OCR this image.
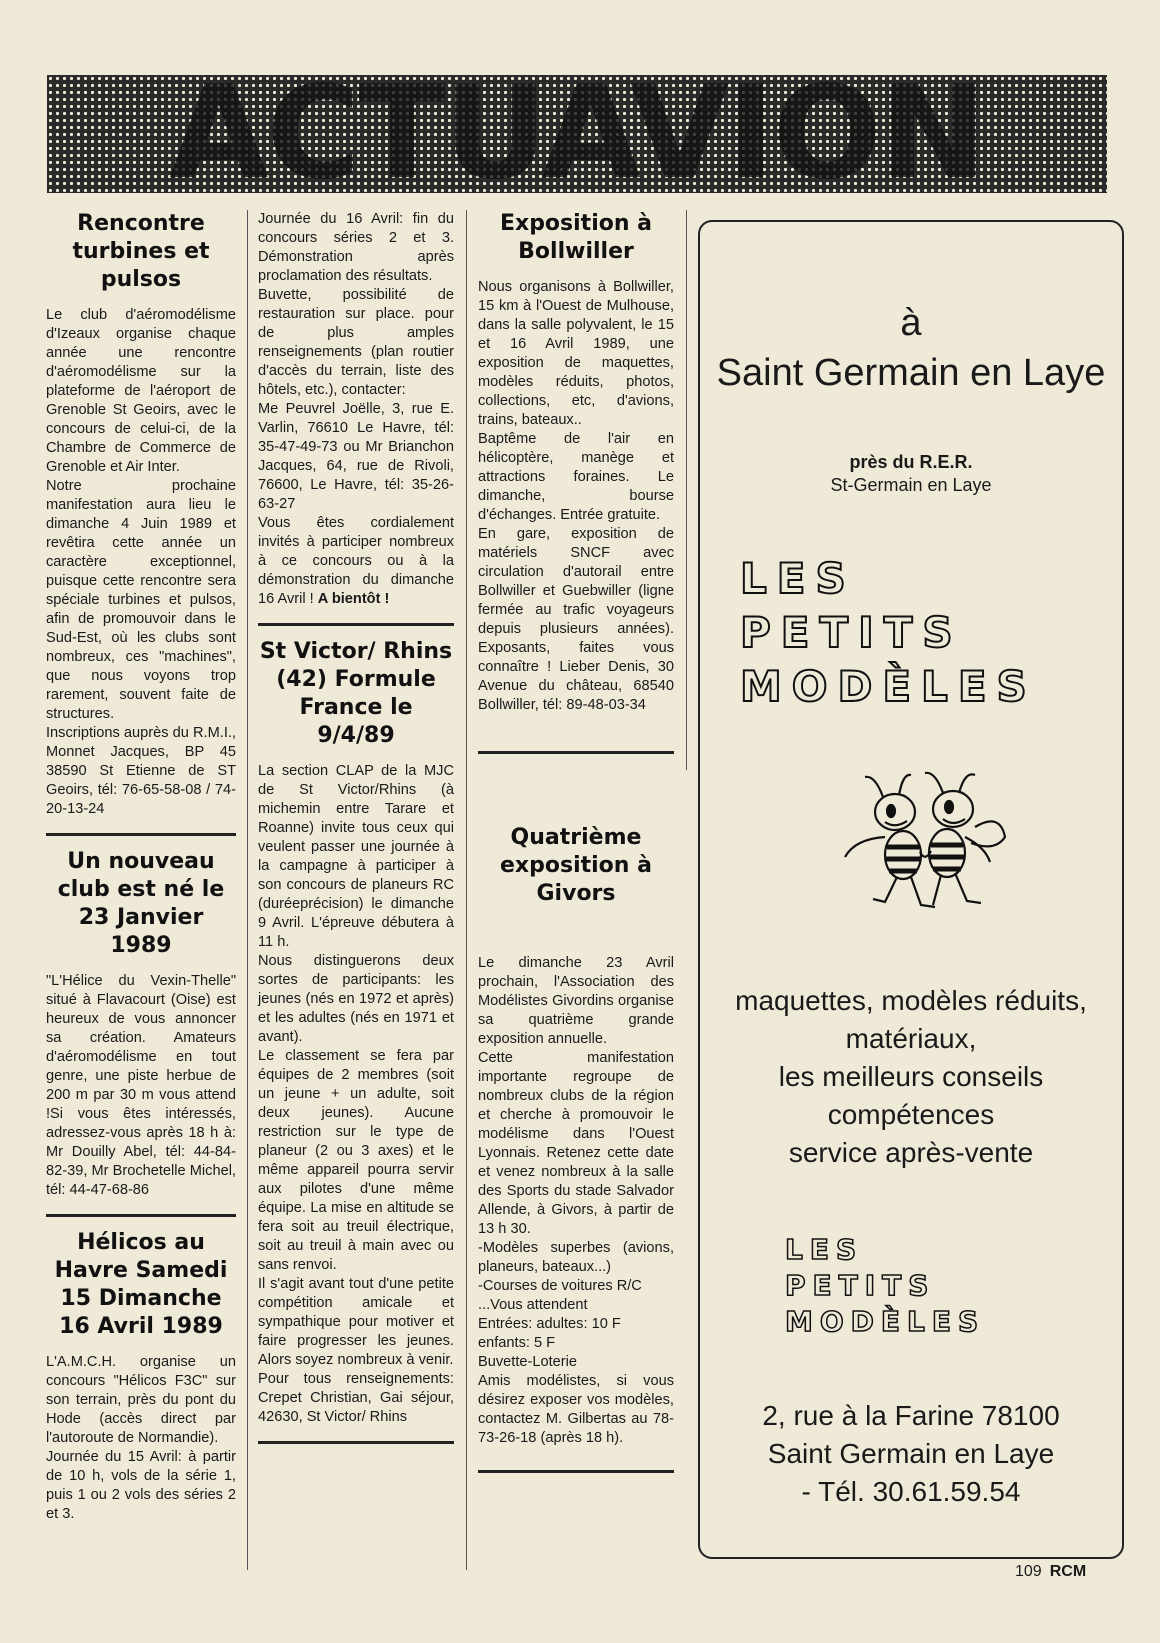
ACTUAVION
Rencontre turbines et pulsos

Le club d'aéromodélisme d'Izeaux organise chaque année une rencontre d'aéromodélisme sur la plateforme de l'aéroport de Grenoble St Geoirs, avec le concours de celui-ci, de la Chambre de Commerce de Grenoble et Air Inter.

Notre prochaine manifestation aura lieu le dimanche 4 Juin 1989 et revêtira cette année un caractère exceptionnel, puisque cette rencontre sera spéciale turbines et pulsos, afin de promouvoir dans le Sud-Est, où les clubs sont nombreux, ces "machines", que nous voyons trop rarement, souvent faite de structures.

Inscriptions auprès du R.M.I., Monnet Jacques, BP 45 38590 St Etienne de ST Geoirs, tél: 76-65-58-08 / 74-20-13-24

Un nouveau club est né le 23 Janvier 1989

"L'Hélice du Vexin-Thelle" situé à Flavacourt (Oise) est heureux de vous annoncer sa création. Amateurs d'aéromodélisme en tout genre, une piste herbue de 200 m par 30 m vous attend !Si vous êtes intéressés, adressez-vous après 18 h à: Mr Douilly Abel, tél: 44-84-82-39, Mr Brochetelle Michel, tél: 44-47-68-86

Hélicos au Havre Samedi 15 Dimanche 16 Avril 1989

L'A.M.C.H. organise un concours "Hélicos F3C" sur son terrain, près du pont du Hode (accès direct par l'autoroute de Normandie).

Journée du 15 Avril: à partir de 10 h, vols de la série 1, puis 1 ou 2 vols des séries 2 et 3.

Journée du 16 Avril: fin du concours séries 2 et 3. Démonstration après proclamation des résultats.

Buvette, possibilité de restauration sur place. pour de plus amples renseignements (plan routier d'accès du terrain, liste des hôtels, etc.), contacter:

Me Peuvrel Joëlle, 3, rue E. Varlin, 76610 Le Havre, tél: 35-47-49-73 ou Mr Brianchon Jacques, 64, rue de Rivoli, 76600, Le Havre, tél: 35-26-63-27

Vous êtes cordialement invités à participer nombreux à ce concours ou à la démonstration du dimanche 16 Avril ! A bientôt !

St Victor/ Rhins (42) Formule France le 9/4/89

La section CLAP de la MJC de St Victor/Rhins (à michemin entre Tarare et Roanne) invite tous ceux qui veulent passer une journée à la campagne à participer à son concours de planeurs RC (duréeprécision) le dimanche 9 Avril. L'épreuve débutera à 11 h.

Nous distinguerons deux sortes de participants: les jeunes (nés en 1972 et après) et les adultes (nés en 1971 et avant).

Le classement se fera par équipes de 2 membres (soit un jeune + un adulte, soit deux jeunes). Aucune restriction sur le type de planeur (2 ou 3 axes) et le même appareil pourra servir aux pilotes d'une même équipe. La mise en altitude se fera soit au treuil électrique, soit au treuil à main avec ou sans renvoi.

Il s'agit avant tout d'une petite compétition amicale et sympathique pour motiver et faire progresser les jeunes. Alors soyez nombreux à venir.

Pour tous renseignements: Crepet Christian, Gai séjour, 42630, St Victor/ Rhins

Exposition à Bollwiller

Nous organisons à Bollwiller, 15 km à l'Ouest de Mulhouse, dans la salle polyvalent, le 15 et 16 Avril 1989, une exposition de maquettes, modèles réduits, photos, collections, etc, d'avions, trains, bateaux..

Baptême de l'air en hélicoptère, manège et attractions foraines. Le dimanche, bourse d'échanges. Entrée gratuite.

En gare, exposition de matériels SNCF avec circulation d'autorail entre Bollwiller et Guebwiller (ligne fermée au trafic voyageurs depuis plusieurs années). Exposants, faites vous connaître ! Lieber Denis, 30 Avenue du château, 68540 Bollwiller, tél: 89-48-03-34

Quatrième exposition à Givors

Le dimanche 23 Avril prochain, l'Association des Modélistes Givordins organise sa quatrième grande exposition annuelle.

Cette manifestation importante regroupe de nombreux clubs de la région et cherche à promouvoir le modélisme dans l'Ouest Lyonnais. Retenez cette date et venez nombreux à la salle des Sports du stade Salvador Allende, à Givors, à partir de 13 h 30.

-Modèles superbes (avions, planeurs, bateaux...)

-Courses de voitures R/C

...Vous attendent

Entrées: adultes: 10 F

enfants: 5 F

Buvette-Loterie

Amis modélistes, si vous désirez exposer vos modèles, contactez M. Gilbertas au 78-73-26-18 (après 18 h).

à
Saint Germain en Laye
près du R.E.R.
St-Germain en Laye
LES
PETITS
MODÈLES
maquettes, modèles réduits,
matériaux,
les meilleurs conseils
compétences
service après-vente
LES
PETITS
MODÈLES
2, rue à la Farine 78100
Saint Germain en Laye
- Tél. 30.61.59.54
109 RCM
